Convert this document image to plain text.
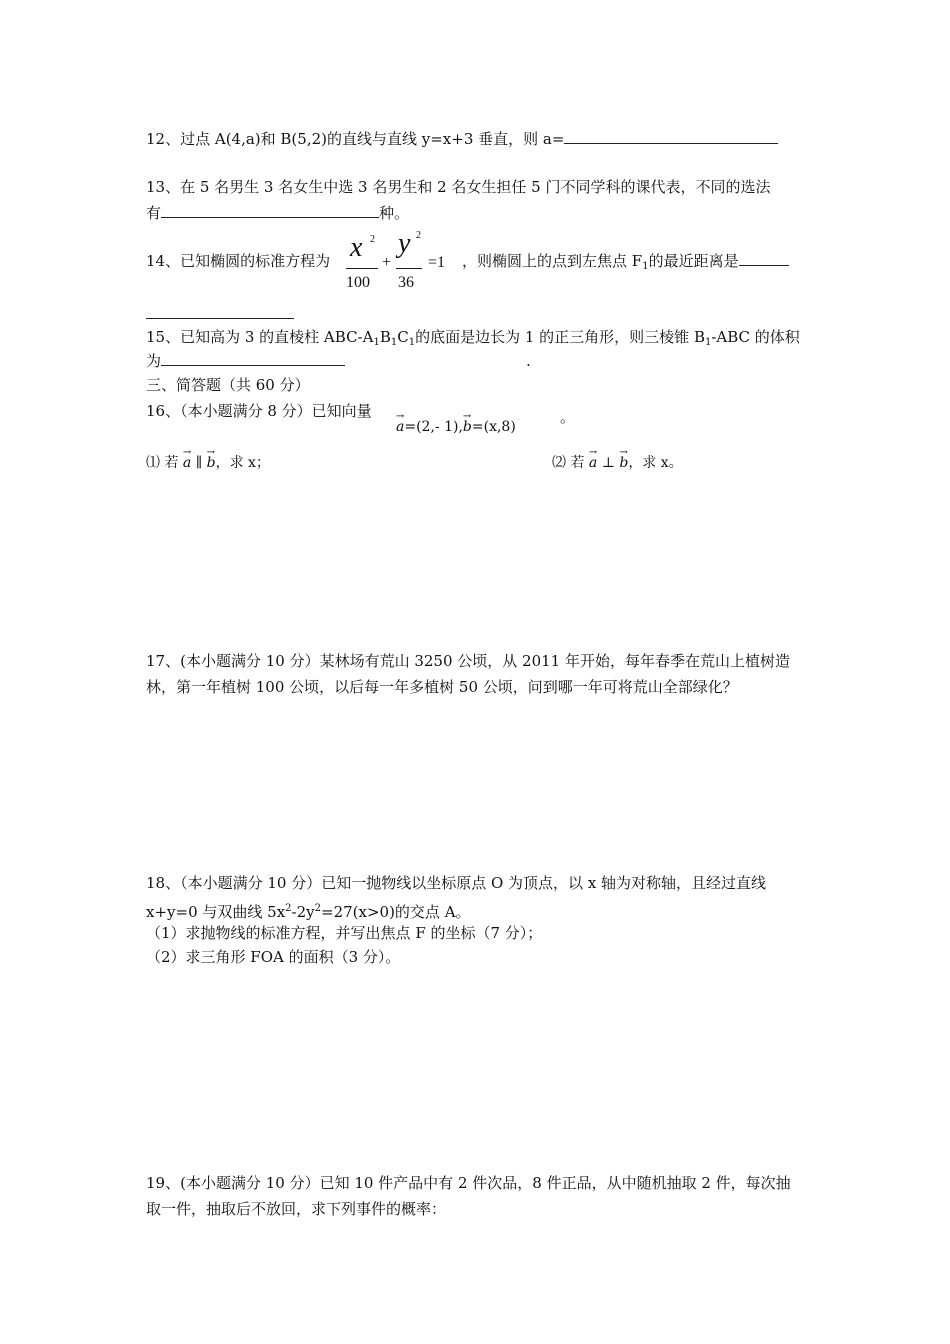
12、过点 A(4,a)和 B(5,2)的直线与直线 y=x+3 垂直，则 a=
13、在 5 名男生 3 名女生中选 3 名男生和 2 名女生担任 5 门不同学科的课代表，不同的选法
有	种。
14、已知椭圆的标准方程为 x 2
100
+
y 2
36
=1 ，则椭圆上的点到左焦点 $F_1$的最近距离是
15、已知高为 3 的直棱柱 ABC-$A_1B_1C_1$的底面是边长为 1 的正三角形，则三棱锥 $B_1$-ABC 的体积
为	.
三、简答题（共 60 分）
16、（本小题满分 8 分）已知向量 →
a=(2,- 1),
→
b=(x,8)
。
⑴ 若
→
a ∥
→
b，求 x；	⑵ 若
→
a ⊥
→
b，求 x。
17、(本小题满分 10 分）某林场有荒山 3250 公顷，从 2011 年开始，每年春季在荒山上植树造
林，第一年植树 100 公顷，以后每一年多植树 50 公顷，问到哪一年可将荒山全部绿化？
18、（本小题满分 10 分）已知一抛物线以坐标原点 O 为顶点，以 x 轴为对称轴，且经过直线
x+y=0 与双曲线 $5x^2-2y^2=27(x>0)$的交点 A。
（1）求抛物线的标准方程，并写出焦点 F 的坐标（7 分）；
（2）求三角形 FOA 的面积（3 分）。
19、(本小题满分 10 分）已知 10 件产品中有 2 件次品，8 件正品，从中随机抽取 2 件，每次抽
取一件，抽取后不放回，求下列事件的概率：
